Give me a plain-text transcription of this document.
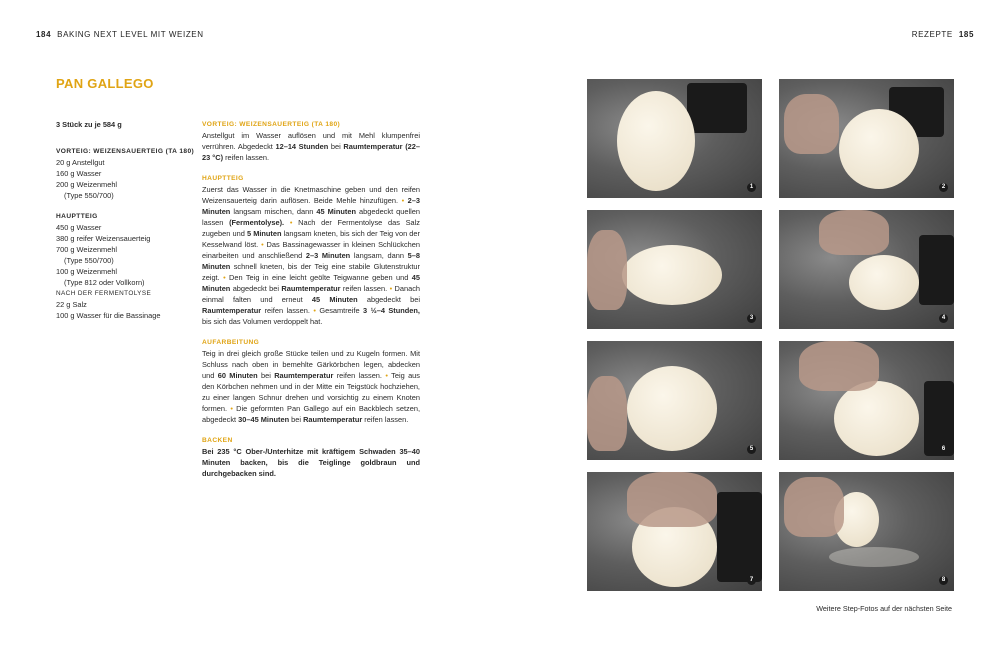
184 BAKING NEXT LEVEL MIT WEIZEN	REZEPTE 185
PAN GALLEGO
3 Stück zu je 584 g
VORTEIG: WEIZENSAUERTEIG (TA 180)
20 g Anstellgut
160 g Wasser
200 g Weizenmehl
(Type 550/700)
HAUPTTEIG
450 g Wasser
380 g reifer Weizensauerteig
700 g Weizenmehl
(Type 550/700)
100 g Weizenmehl
(Type 812 oder Vollkorn)
NACH DER FERMENTOLYSE
22 g Salz
100 g Wasser für die Bassinage
VORTEIG: WEIZENSAUERTEIG (TA 180)

Anstellgut im Wasser auflösen und mit Mehl klumpenfrei verrühren. Abgedeckt 12–14 Stunden bei Raumtemperatur (22–23 °C) reifen lassen.

HAUPTTEIG

Zuerst das Wasser in die Knetmaschine geben und den reifen Weizensauerteig darin auflösen. Beide Mehle hinzufügen. • 2–3 Minuten langsam mischen, dann 45 Minuten abgedeckt quellen lassen (Fermentolyse). • Nach der Fermentolyse das Salz zugeben und 5 Minuten langsam kneten, bis sich der Teig von der Kesselwand löst. • Das Bassinagewasser in kleinen Schlückchen einarbeiten und anschließend 2–3 Minuten langsam, dann 5–8 Minuten schnell kneten, bis der Teig eine stabile Glutenstruktur zeigt. • Den Teig in eine leicht geölte Teigwanne geben und 45 Minuten abgedeckt bei Raumtemperatur reifen lassen. • Danach einmal falten und erneut 45 Minuten abgedeckt bei Raumtemperatur reifen lassen. • Gesamtreife 3 ½–4 Stunden, bis sich das Volumen verdoppelt hat.

AUFARBEITUNG

Teig in drei gleich große Stücke teilen und zu Kugeln formen. Mit Schluss nach oben in bemehlte Gärkörbchen legen, abdecken und 60 Minuten bei Raumtemperatur reifen lassen. • Teig aus den Körbchen nehmen und in der Mitte ein Teigstück hochziehen, zu einer langen Schnur drehen und vorsichtig zu einem Knoten formen. • Die geformten Pan Gallego auf ein Backblech setzen, abgedeckt 30–45 Minuten bei Raumtemperatur reifen lassen.

BACKEN

Bei 235 °C Ober-/Unterhitze mit kräftigem Schwaden 35–40 Minuten backen, bis die Teiglinge goldbraun und durchgebacken sind.

1	2
3	4
5	6
7	8
Weitere Step-Fotos auf der nächsten Seite
